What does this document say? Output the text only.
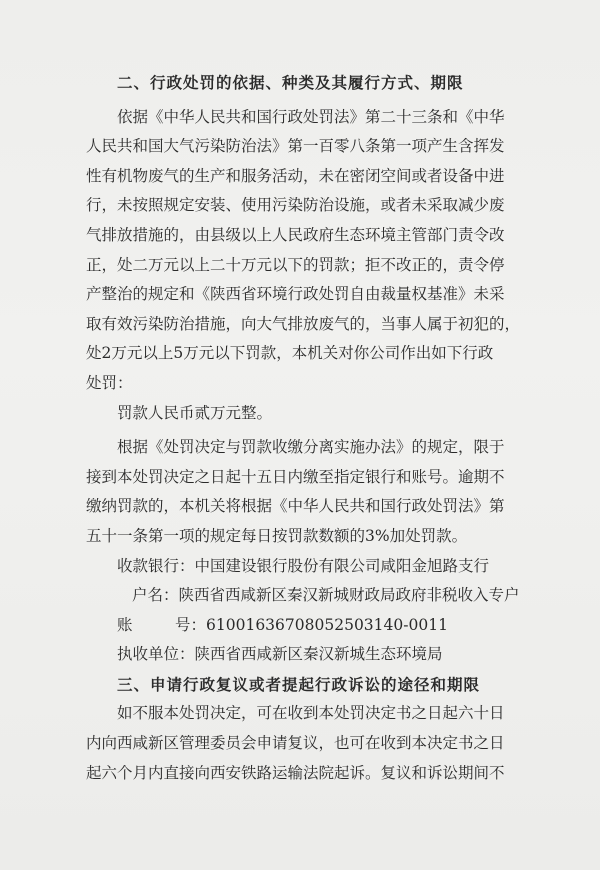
二、行政处罚的依据、种类及其履行方式、期限
依据《中华人民共和国行政处罚法》第二十三条和《中华
人民共和国大气污染防治法》第一百零八条第一项产生含挥发
性有机物废气的生产和服务活动，未在密闭空间或者设备中进
行，未按照规定安装、使用污染防治设施，或者未采取减少废
气排放措施的，由县级以上人民政府生态环境主管部门责令改
正，处二万元以上二十万元以下的罚款；拒不改正的，责令停
产整治的规定和《陕西省环境行政处罚自由裁量权基准》未采
取有效污染防治措施，向大气排放废气的，当事人属于初犯的，
处2万元以上5万元以下罚款，本机关对你公司作出如下行政
处罚：
罚款人民币贰万元整。
根据《处罚决定与罚款收缴分离实施办法》的规定，限于
接到本处罚决定之日起十五日内缴至指定银行和账号。逾期不
缴纳罚款的，本机关将根据《中华人民共和国行政处罚法》第
五十一条第一项的规定每日按罚款数额的3%加处罚款。
收款银行：中国建设银行股份有限公司咸阳金旭路支行
户名：陕西省西咸新区秦汉新城财政局政府非税收入专户
账	号：61001636708052503140-0011
执收单位：陕西省西咸新区秦汉新城生态环境局
三、申请行政复议或者提起行政诉讼的途径和期限
如不服本处罚决定，可在收到本处罚决定书之日起六十日
内向西咸新区管理委员会申请复议，也可在收到本决定书之日
起六个月内直接向西安铁路运输法院起诉。复议和诉讼期间不
